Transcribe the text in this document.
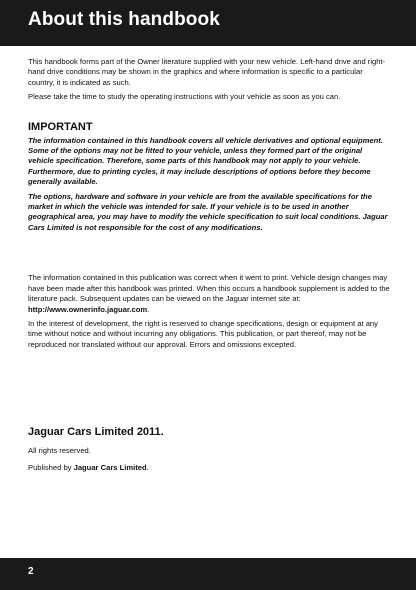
About this handbook

This handbook forms part of the Owner literature supplied with your new vehicle. Left-hand drive and right-hand drive conditions may be shown in the graphics and where information is specific to a particular country, it is indicated as such.

Please take the time to study the operating instructions with your vehicle as soon as you can.

IMPORTANT

The information contained in this handbook covers all vehicle derivatives and optional equipment. Some of the options may not be fitted to your vehicle, unless they formed part of the original vehicle specification. Therefore, some parts of this handbook may not apply to your vehicle. Furthermore, due to printing cycles, it may include descriptions of options before they become generally available.

The options, hardware and software in your vehicle are from the available specifications for the market in which the vehicle was intended for sale. If your vehicle is to be used in another geographical area, you may have to modify the vehicle specification to suit local conditions. Jaguar Cars Limited is not responsible for the cost of any modifications.

The information contained in this publication was correct when it went to print. Vehicle design changes may have been made after this handbook was printed. When this occurs a handbook supplement is added to the literature pack. Subsequent updates can be viewed on the Jaguar internet site at: http://www.ownerinfo.jaguar.com.

In the interest of development, the right is reserved to change specifications, design or equipment at any time without notice and without incurring any obligations. This publication, or part thereof, may not be reproduced nor translated without our approval. Errors and omissions excepted.

Jaguar Cars Limited 2011.

All rights reserved.

Published by Jaguar Cars Limited.

2
